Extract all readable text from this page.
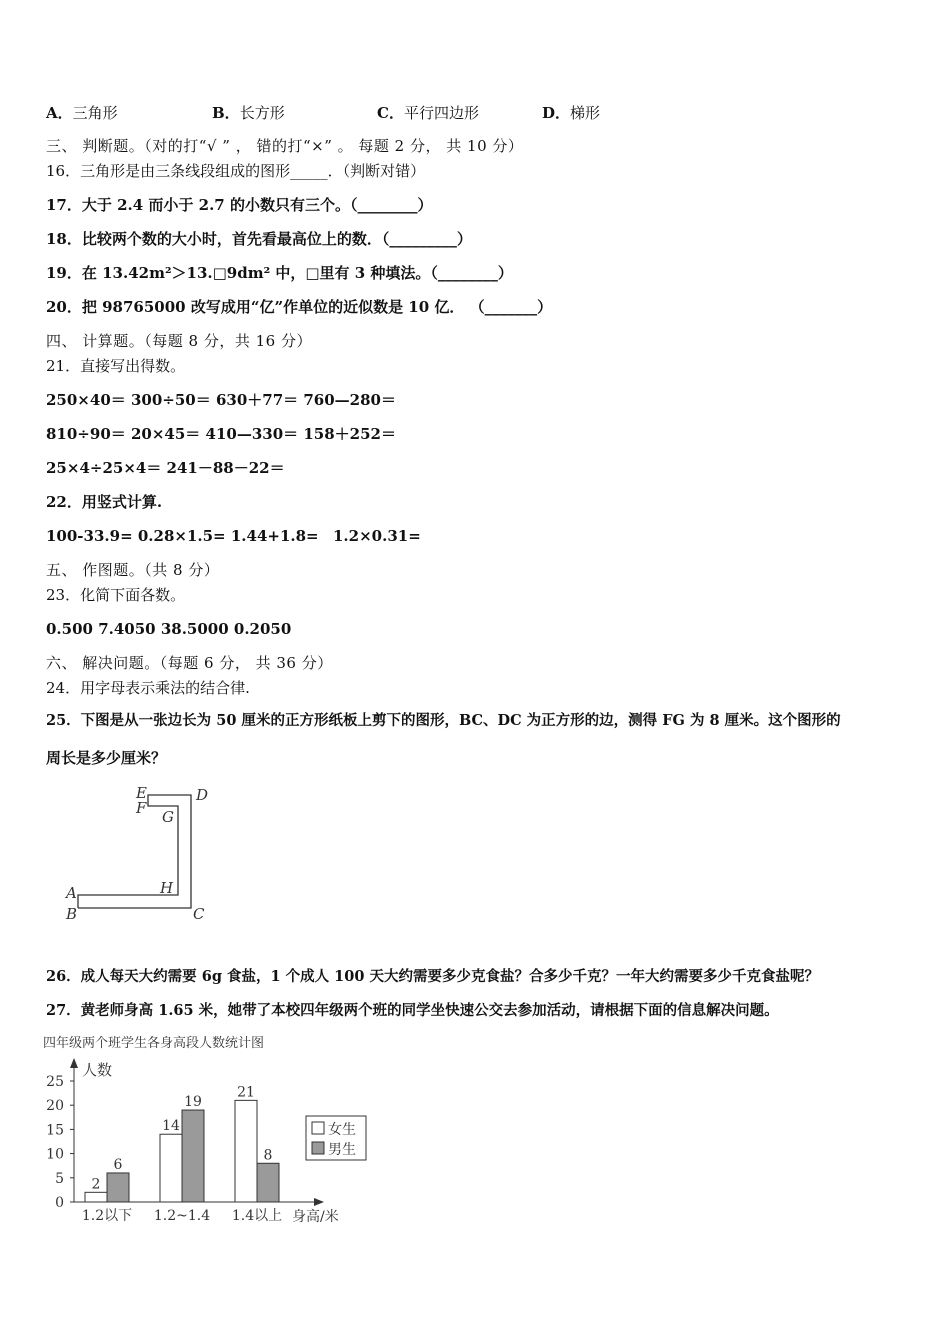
A．三角形	B．长方形	C．平行四边形	D．梯形
三、 判断题。（对的打“√ ” ， 错的打“×” 。 每题 2 分， 共 10 分）
16．三角形是由三条线段组成的图形_____．（判断对错）
17．大于 2.4 而小于 2.7 的小数只有三个。（________）
18．比较两个数的大小时，首先看最高位上的数．（_________）
19．在 13.42m²＞13.□9dm² 中，□里有 3 种填法。（________）
20．把 98765000 改写成用“亿”作单位的近似数是 10 亿． （_______）
四、 计算题。（每题 8 分，共 16 分）
21．直接写出得数。
250×40＝ 300÷50＝ 630＋77＝ 760—280＝
810÷90＝ 20×45＝ 410—330＝ 158＋252＝
25×4÷25×4＝ 241－88－22＝
22．用竖式计算.
100-33.9= 0.28×1.5= 1.44+1.8= 1.2×0.31=
五、 作图题。（共 8 分）
23．化简下面各数。
0.500 7.4050 38.5000 0.2050
六、 解决问题。（每题 6 分， 共 36 分）
24．用字母表示乘法的结合律.
25．下图是从一张边长为 50 厘米的正方形纸板上剪下的图形，BC、DC 为正方形的边，测得 FG 为 8 厘米。这个图形的
周长是多少厘米？
E	D
F G
A	H
B	C
26．成人每天大约需要 6g 食盐，1 个成人 100 天大约需要多少克食盐？合多少千克？一年大约需要多少千克食盐呢？
27．黄老师身高 1.65 米，她带了本校四年级两个班的同学坐快速公交去参加活动，请根据下面的信息解决问题。
四年级两个班学生各身高段人数统计图
人数
身高/米
0
5
10
15
20
25
2
6
14
19
21
8
1.2以下 1.2~1.4 1.4以上
女生
男生
